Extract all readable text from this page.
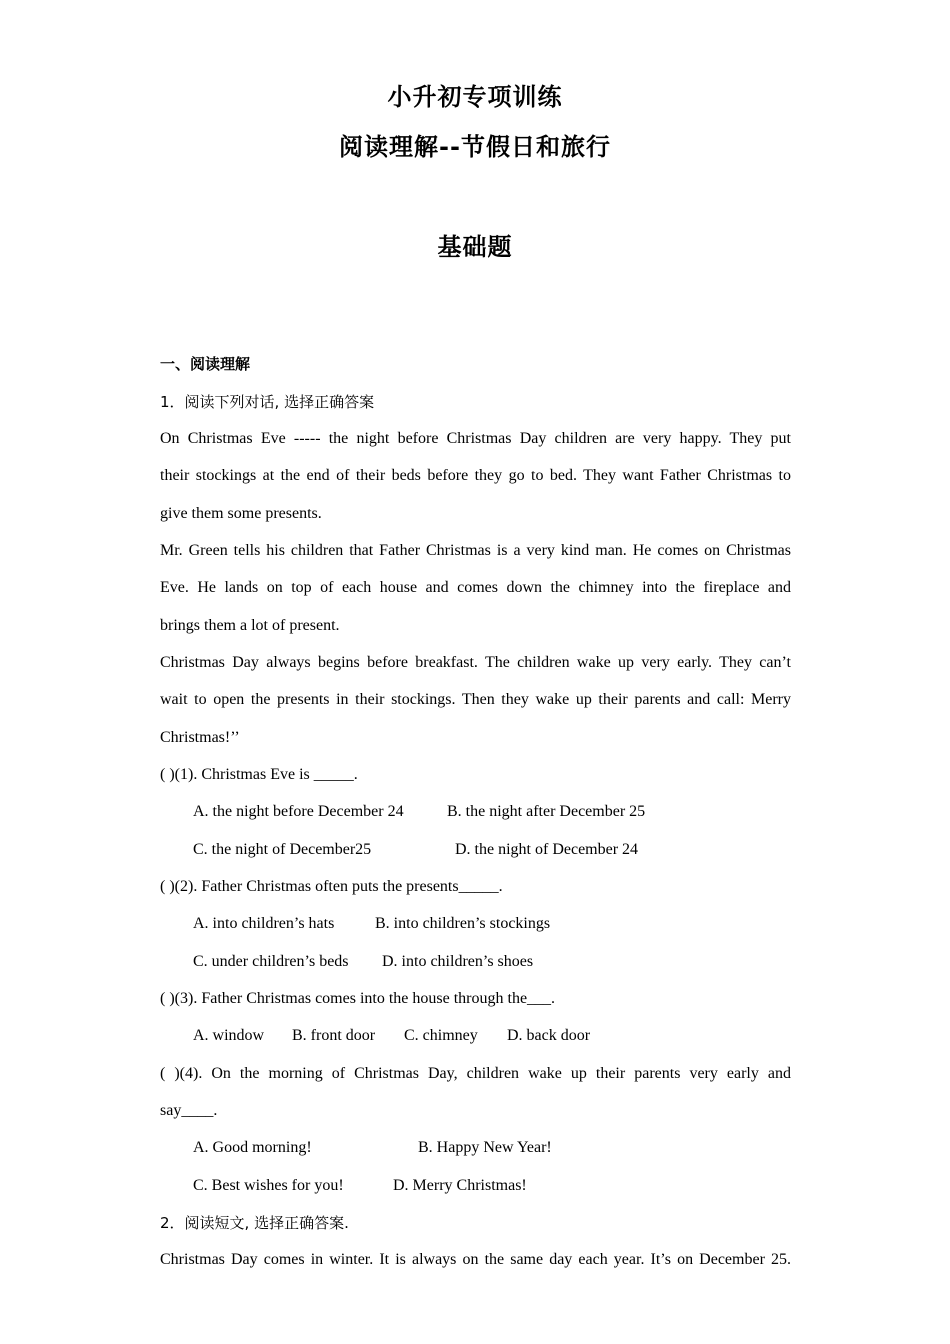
小升初专项训练
阅读理解--节假日和旅行
基础题
一、阅读理解
1．阅读下列对话, 选择正确答案
On Christmas Eve ----- the night before Christmas Day children are very happy. They put
their stockings at the end of their beds before they go to bed. They want Father Christmas to
give them some presents.
Mr. Green tells his children that Father Christmas is a very kind man. He comes on Christmas
Eve. He lands on top of each house and comes down the chimney into the fireplace and
brings them a lot of present.
Christmas Day always begins before breakfast. The children wake up very early. They can’t
wait to open the presents in their stockings. Then they wake up their parents and call: Merry
Christmas!’’
( )(1). Christmas Eve is _____.
A. the night before December 24	B. the night after December 25
C. the night of December25	D. the night of December 24
( )(2). Father Christmas often puts the presents_____.
A. into children’s hats	B. into children’s stockings
C. under children’s beds D. into children’s shoes
( )(3). Father Christmas comes into the house through the___.
A. window B. front door C. chimney D. back door
( )(4). On the morning of Christmas Day, children wake up their parents very early and
say____.
A. Good morning!	B. Happy New Year!
C. Best wishes for you!	D. Merry Christmas!
2．阅读短文, 选择正确答案.
Christmas Day comes in winter. It is always on the same day each year. It’s on December 25.
